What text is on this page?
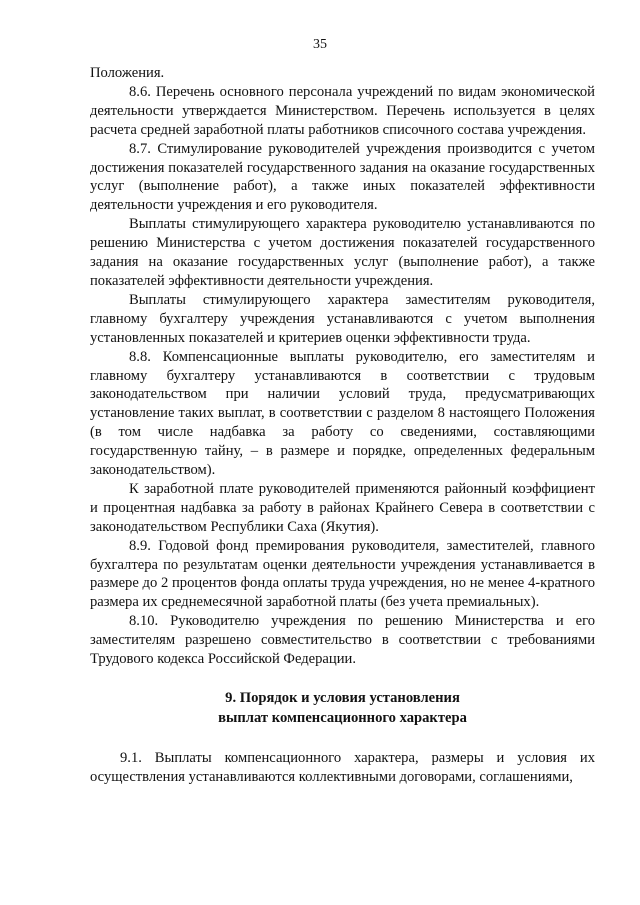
35

Положения.

8.6. Перечень основного персонала учреждений по видам экономической деятельности утверждается Министерством. Перечень используется в целях расчета средней заработной платы работников списочного состава учреждения.

8.7. Стимулирование руководителей учреждения производится с учетом достижения показателей государственного задания на оказание государственных услуг (выполнение работ), а также иных показателей эффективности деятельности учреждения и его руководителя.

Выплаты стимулирующего характера руководителю устанавливаются по решению Министерства с учетом достижения показателей государственного задания на оказание государственных услуг (выполнение работ), а также показателей эффективности деятельности учреждения.

Выплаты стимулирующего характера заместителям руководителя, главному бухгалтеру учреждения устанавливаются с учетом выполнения установленных показателей и критериев оценки эффективности труда.

8.8. Компенсационные выплаты руководителю, его заместителям и главному бухгалтеру устанавливаются в соответствии с трудовым законодательством при наличии условий труда, предусматривающих установление таких выплат, в соответствии с разделом 8 настоящего Положения (в том числе надбавка за работу со сведениями, составляющими государственную тайну, – в размере и порядке, определенных федеральным законодательством).

К заработной плате руководителей применяются районный коэффициент и процентная надбавка за работу в районах Крайнего Севера в соответствии с законодательством Республики Саха (Якутия).

8.9. Годовой фонд премирования руководителя, заместителей, главного бухгалтера по результатам оценки деятельности учреждения устанавливается в размере до 2 процентов фонда оплаты труда учреждения, но не менее 4-кратного размера их среднемесячной заработной платы (без учета премиальных).

8.10. Руководителю учреждения по решению Министерства и его заместителям разрешено совместительство в соответствии с требованиями Трудового кодекса Российской Федерации.

9. Порядок и условия установления
выплат компенсационного характера

9.1. Выплаты компенсационного характера, размеры и условия их осуществления устанавливаются коллективными договорами, соглашениями,
